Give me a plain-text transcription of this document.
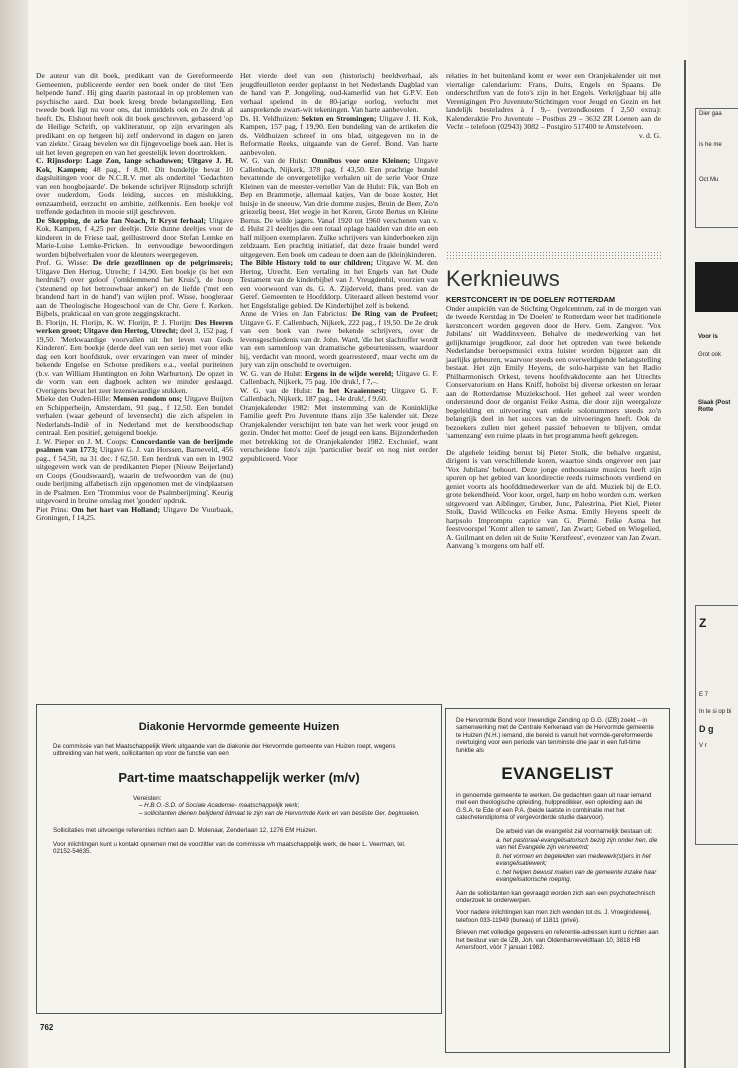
De auteur van dit boek, predikant van de Gereformeerde Gemeenten, publiceerde eerder een boek onder de titel 'Een helpende hand'. Hij ging daarin pastoraal in op problemen van psychische aard. Dat boek kreeg brede belangstelling. Een tweede boek ligt nu voor ons, dat inmiddels ook en 2e druk al heeft. Ds. Elshout heeft ook dit boek geschreven, gebaseerd 'op de Heilige Schrift, op vakliteratuur, op zijn ervaringen als predikant en op hetgeen hij zelf ondervond in dagen en jaren van ziekte.' Graag bevelen we dit fijngevoelige boek aan. Het is uit het leven gegrepen en van het geestelijk leven doortrokken.

C. Rijnsdorp: Lage Zon, lange schaduwen; Uitgave J. H. Kok, Kampen; 48 pag., f 8,90. Dit bundeltje bevat 10 dagsluitingen voor de N.C.R.V. met als ondertitel 'Gedachten van een hoogbejaarde'. De bekende schrijver Rijnsdorp schrijft over ouderdom, Gods leiding, succes en mislukking, eenzaamheid, eerzucht en ambitie, zelfkennis. Een boekje vol treffende gedachten in mooie stijl geschreven.

De Skepping, de arke fan Noach, It Kryst ferhaal; Uitgave Kok, Kampen, f 4,25 per deeltje. Drie dunne deeltjes voor de kinderen in de Friese taal, geillustreerd door Stefan Lemke en Marie-Luise Lemke-Pricken. In eenvoudige bewoordingen worden bijbelverhalen voor de kleuters weergegeven.

Prof. G. Wisse: De drie gezellinnen op de pelgrimsreis; Uitgave Den Hertog, Utrecht; f 14,90. Een boekje (is het een herdruk?) over geloof ('omklemmend het Kruis'), de hoop ('steunend op het betrouwbaar anker') en de liefde ('met een brandend hart in de hand') van wijlen prof. Wisse, hoogleraar aan de Theologische Hogeschool van de Chr. Gere f. Kerken. Bijbels, prakticaal en van grote zeggingskracht.

B. Florijn, H. Florijn, K. W. Florijn, P. J. Florijn: Des Heeren werken groot; Uitgave den Hertog, Utrecht; deel 3, 152 pag. f 19,50. 'Merkwaardige voorvallen uit het leven van Gods Kinderen'. Een boekje (derde deel van een serie) met voor elke dag een kort hoofdstuk, over ervaringen van meer of minder bekende Engelse en Schotse predikers e.a., veelal puriteinen (b.v. van William Huntington en John Warburton). De opzet in de vorm van een dagboek achten we minder geslaagd. Overigens bevat het zeer lezenswaardige stukken.

Mieke den Ouden-Hille: Mensen rondom ons; Uitgave Buijten en Schipperheijn, Amsterdam, 91 pag., f 12,50. Een bundel verhalen (waar gebeurd of levensecht) die zich afspelen in Nederlands-Indië of in Nederland met de kerstboodschap centraal. Een positief, getuigend boekje.

J. W. Pieper en J. M. Coops: Concordantie van de berijmde psalmen van 1773; Uitgave G. J. van Horssen, Barneveld, 456 pag., f 54,50, na 31 dec. f 62,50. Een herdruk van een in 1902 uitgegeven werk van de predikanten Pieper (Nieuw Beijerland) en Coops (Goudswaard), waarin de trefwoorden van de (nu) oude berijming alfabetisch zijn opgenomen met de vindplaatsen in de Psalmen. Een 'Trommius voor de Psalmberijming'. Keurig uitgevoerd in bruine omslag met 'gouden' opdruk.

Piet Prins: Om het hart van Holland; Uitgave De Vuurbaak, Groningen, f 14,25.

Het vierde deel van een (historisch) beeldverhaal, als jeugdfeuilleton eerder geplaatst in het Nederlands Dagblad van de hand van P. Jongeling, oud-kamerlid van het G.P.V. Een verhaal spelend in de 80-jarige oorlog, verlucht met aansprekende zwart-wit tekeningen. Van harte aanbevolen.

Ds. H. Veldhuizen: Sekten en Stromingen; Uitgave J. H. Kok, Kampen, 157 pag, f 19,90. Een bundeling van de artikelen die ds. Veldhuizen schreef in ons blad, uitgegeven nu in de Reformatie Reeks, uitgaande van de Geref. Bond. Van harte aanbevolen.

W. G. van de Hulst: Omnibus voor onze Kleinen; Uitgave Callenbach, Nijkerk, 378 pag. f 43,50. Een prachtige bundel bevattende de onvergetelijke verhalen uit de serie Voor Onze Kleinen van de meester-verteller Van de Hulst: Fik, van Bob en Bep en Brammetje, allemaal katjes, Van de boze koster, Het huisje in de sneeuw, Van drie domme zusjes, Bruin de Beer, Zo'n griezelig beest, Het wegje in het Koren, Grote Bertus en Kleine Bertus. De wilde jagers. Vanaf 1920 tot 1960 verschenen van v. d. Hulst 21 deeltjes die een totaal oplage haalden van drie en een half miljoen exemplaren. Zulke schrijvers van kinderboeken zijn zeldzaam. Een prachtig initiatief, dat deze fraaie bundel werd uitgegeven. Een boek om cadeau te doen aan de (klein)kinderen.

The Bible History told to our children; Uitgave W. M. den Hertog, Utrecht. Een vertaling in het Engels van het Oude Testament van de kinderbijbel van J. Vreugdenhil, voorzien van een voorwoord van ds. G. A. Zijderveld, thans pred. van de Geref. Gemeenten te Hoofddorp. Uiteraard alleen bestemd voor het Engelstalige gebied. De Kinderbijbel zelf is bekend.

Anne de Vries en Jan Fabricius: De Ring van de Profeet; Uitgave G. F. Callenbach, Nijkerk, 222 pag., f 19,50. De 2e druk van een boek van twee bekende schrijvers, over de levensgeschiedenis van dr. John. Ward, 'die het slachtoffer wordt van een samenloop van dramatische gebeurtenissen, waardoor hij, verdacht van moord, wordt gearresteerd', maar vecht om de jury van zijn onschuld te overtuigen.

W. G. van de Hulst: Ergens in de wijde wereld; Uitgave G. F. Callenbach, Nijkerk, 75 pag. 10e druk!, f 7,–.

W. G. van de Hulst: In het Kraaiennest; Uitgave G. F. Callenbach, Nijkerk, 187 pag., 14e druk!, f 9,60.

Oranjekalender 1982: Met instemming van de Koninklijke Familie geeft Pro Juventute thans zijn 35e kalender uit. Deze Oranjekalender verschijnt ten bate van het werk voor jeugd en gezin. Onder het motto: Geef de jeugd een kans. Bijzonderheden met betrekking tot de Oranjekalender 1982. Exclusief, want verscheidene foto's zijn 'particulier bezit' en nog niet eerder gepubliceerd. Voor

relaties in het buitenland komt er weer een Oranjekalender uit met viertalige calendarium: Frans, Duits, Engels en Spaans. De onderschriften van de foto's zijn in het Engels. Verkrijgbaar bij alle Verenigingen Pro Juventute/Stichtingen voor Jeugd en Gezin en het landelijk besteladres à f 9,– (verzendkosten f 2,50 extra): Kalenderaktie Pro Juventute – Postbus 29 – 3632 ZR Loenen aan de Vecht – telefoon (02943) 3082 – Postgiro 517400 te Amstelveen.

v. d. G.

Kerknieuws

KERSTCONCERT IN 'DE DOELEN' ROTTERDAM

Onder auspiciën van de Stichting Orgelcentrum, zal in de morgen van de tweede Kerstdag in 'De Doelen' te Rotterdam weer het traditionele kerstconcert worden gegeven door de Herv. Gem. Zangver. 'Vox Jubilans' uit Waddinxveen. Behalve de medewerking van het gelijknamige jeugdkoor, zal door het optreden van twee bekende Nederlandse beroepsmusici extra luister worden bijgezet aan dit jaarlijks gebeuren, waarvoor steeds een overweldigende belangstelling bestaat. Het zijn Emily Heyens, de solo-harpiste van het Radio Philharmonisch Orkest, tevens hoofdvakdocente aan het Utrechts Conservatorium en Hans Kniff, hoboïst bij diverse orkesten en leraar aan de Rotterdamse Muziekschool. Het geheel zal weer worden ondersteund door de organist Feike Asma, die door zijn weergaloze begeleiding en uitvoering van enkele solonummers steeds zo'n belangrijk deel in het succes van de uitvoeringen heeft. Ook de bezoekers zullen niet geheel passief behoeven te blijven, omdat 'samenzang' een ruime plaats in het programma heeft gekregen.

De algehele leiding berust bij Pieter Stolk, die behalve organist, dirigent is van verschillende koren, waartoe sinds ongeveer een jaar 'Vox Jubilans' behoort. Deze jonge enthousiaste musicus heeft zijn sporen op het gebied van koordirectie reeds ruimschoots verdiend en geniet voorts als hoofddmedewerker van de afd. Muziek bij de E.O. grote bekendheid. Voor koor, orgel, harp en hobo worden o.m. werken uitgevoerd van Aiblinger, Gruber, Junc, Palestrina, Piet Kiel, Pieter Stolk, David Willcocks en Feike Asma. Emily Heyens speelt de harpsolo Impromptu caprice van G. Pierné. Feike Asma het feestvoorspel 'Komt allen te samen', Jan Zwart; Gebed en Wiegelied, A. Guilmant en delen uit de Suite 'Kerstfeest', evenzeer van Jan Zwart. Aanvang 's morgens om half elf.

Diakonie Hervormde gemeente Huizen

De commissie van het Maatschappelijk Werk uitgaande van de diakonie der Hervormde gemeente van Huizen roept, wegens uitbreiding van het werk, sollicitanten op voor de functie van een

Part-time maatschappelijk werker (m/v)
Vereisten:
– H.B.O.-S.D. of Sociale Academie- maatschappelijk werk;
– sollicitanten dienen belijdend lidmaat te zijn van de Hervormde Kerk en van besliste Ger. beginselen.

Sollicitaties met uitvoerige referenties richten aan D. Molenaar, Zenderlaan 12, 1276 EM Huizen.

Voor inlichtingen kunt u kontakt opnemen met de voorzitter van de commissie v/h maatschappelijk werk, de heer L. Veerman, tel. 02152-54635.

De Hervormde Bond voor Inwendige Zending op G.G. (IZB) zoekt – in samenwerking met de Centrale Kerkeraad van de Hervormde gemeente te Huizen (N.H.) iemand, die bereid is vanuit het vormde-gereformeerde overtuiging voor een periode van tenminste drie jaar in een full-time funktie als

EVANGELIST

in genoemde gemeente te werken. De gedachten gaan uit naar iemand met een theologische opleiding, hulppredikker, een opleiding aan de G.S.A. te Ede of een P.A. (beide laatste in combinatie met het catechetendiploma of vergevorderde studie daarvoor).

De arbeid van de evangelist zal voornamelijk bestaan uit:
a. het pastoraal-evangelisatorisch bezig zijn onder hen, die van het Evangelie zijn vervreemd;
b. het vormen en begeleiden van medewerk(st)ers in het evangelisatiewerk;
c. het helpen bewust maken van de gemeente inzake haar evangelisatorische roeping.

Aan de sollicitanten kan gevraagd worden zich aan een psychotechnisch onderzoek te onderwerpen.

Voor nadere inlichtingen kan men zich wenden tot ds. J. Vroegindeweij, telefoon 033-11949 (bureau) of 11811 (privé).

Brieven met volledige gegevens en referentie-adressen kunt u richten aan het bestuur van de IZB, Joh. van Oldenbarneveldtlaan 10, 3818 HB Amersfoort, vóór 7 januari 1982.

762
Dier gaa
is he me
Oct Mu
Voor is
Grot ook
Slaak (Post Rotte
Z
E 7
In te si op bi
D g
V r
